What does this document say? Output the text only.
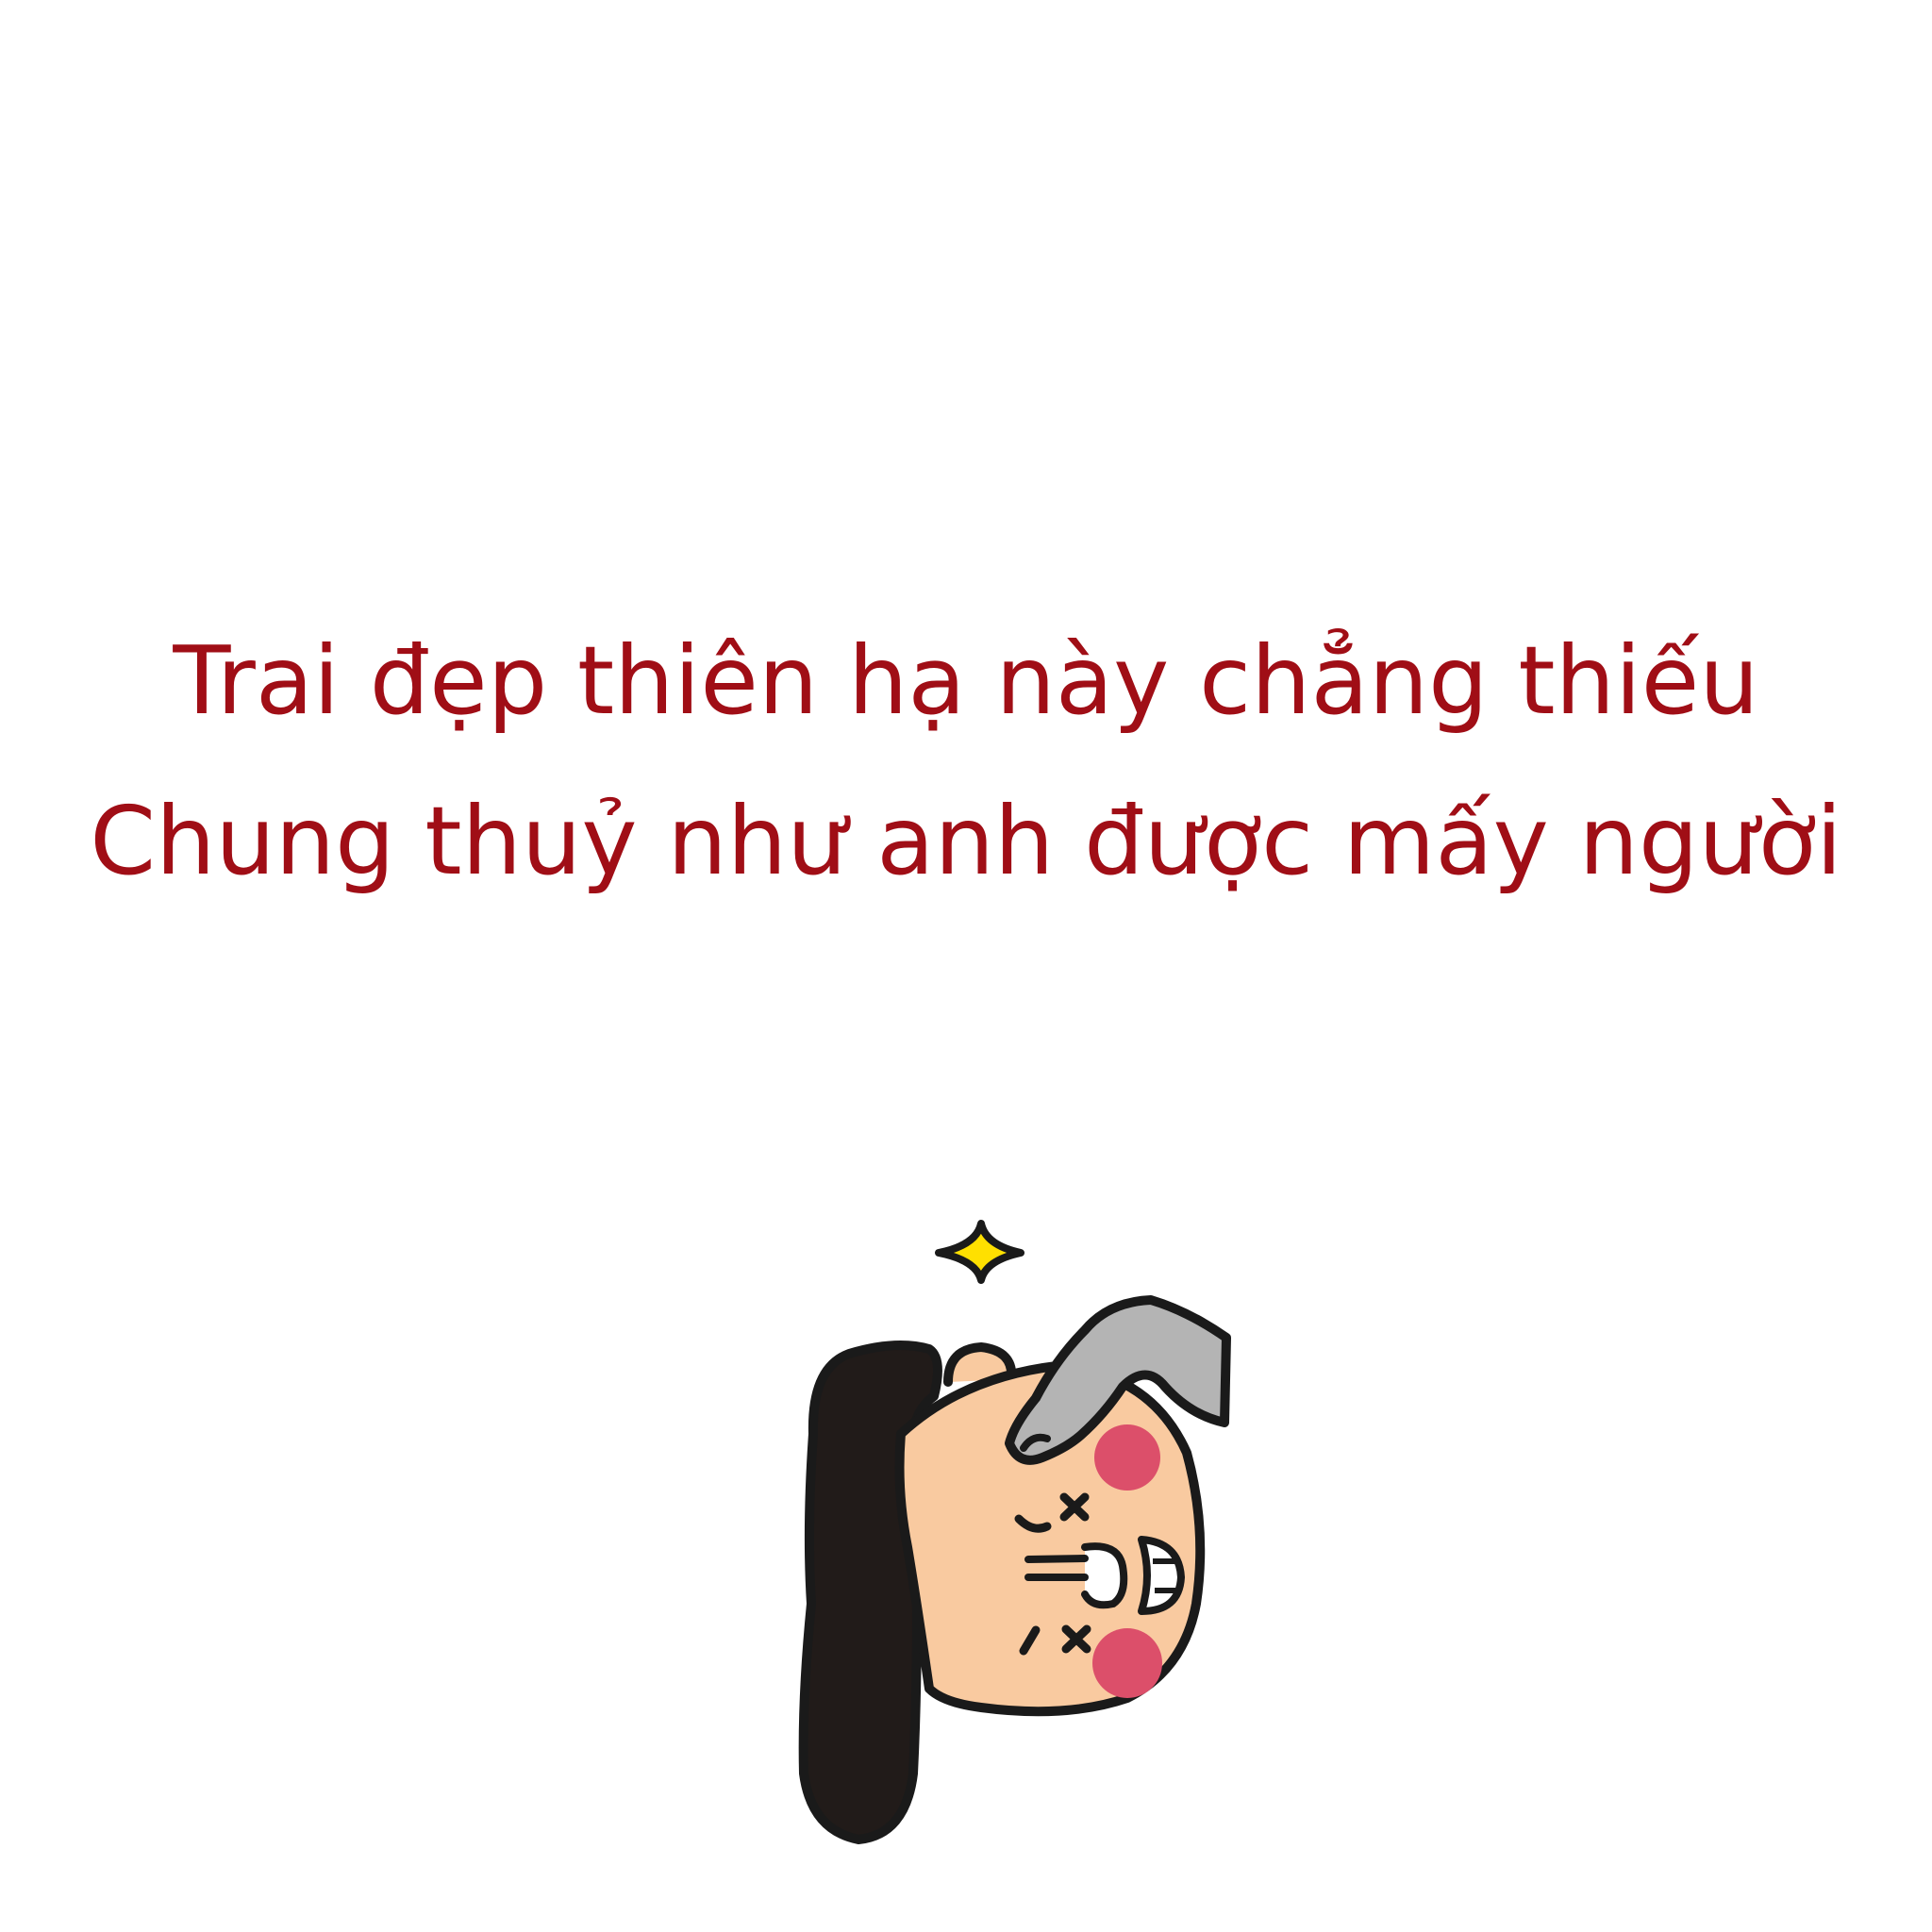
Trai đẹp thiên hạ này chẳng thiếu
Chung thuỷ như anh được mấy người
